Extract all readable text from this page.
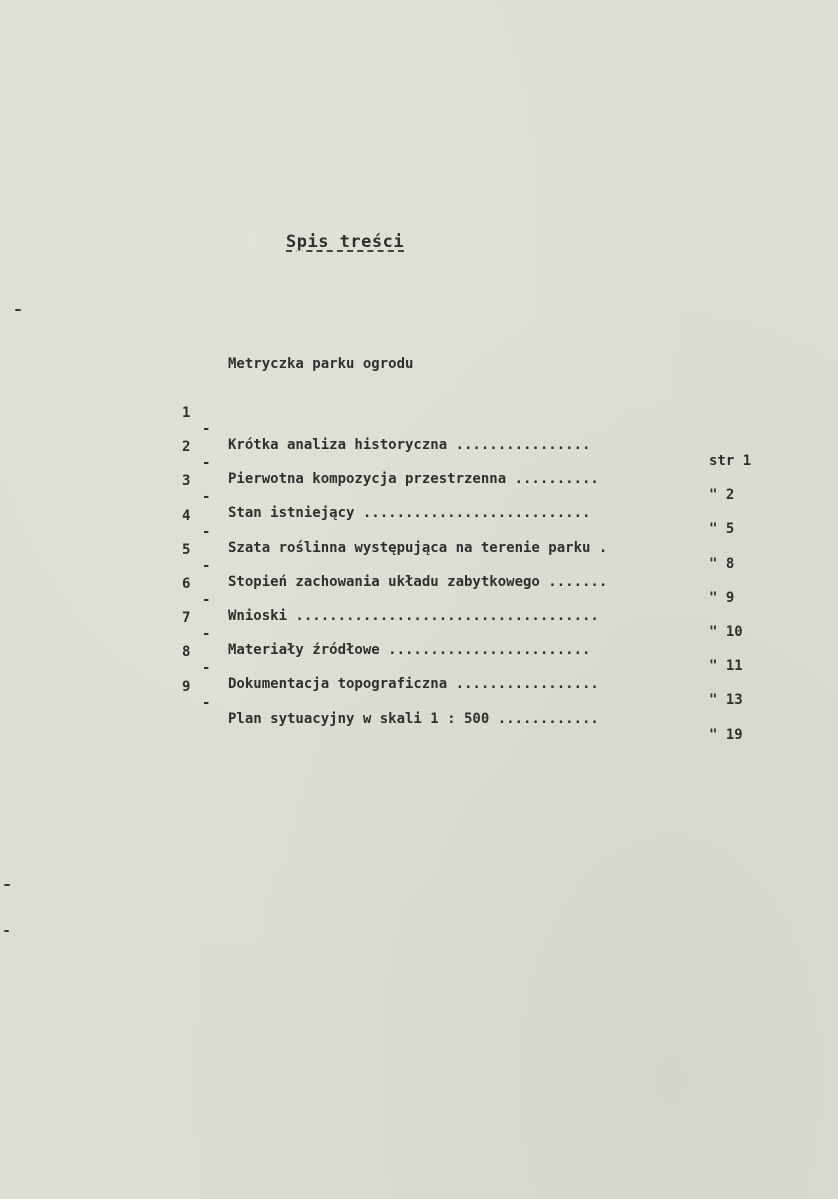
Spis treści
Metryczka parku ogrodu

1

-

Krótka analiza historyczna ................

str 1

2

-

Pierwotna kompozycja przestrzenna ..........

" 2

3

-

Stan istniejący ...........................

" 5

4

-

Szata roślinna występująca na terenie parku .

" 8

5

-

Stopień zachowania układu zabytkowego .......

" 9

6

-

Wnioski ....................................

" 10

7

-

Materiały źródłowe ........................

" 11

8

-

Dokumentacja topograficzna .................

" 13

9

-

Plan sytuacyjny w skali 1 : 500 ............

" 19
